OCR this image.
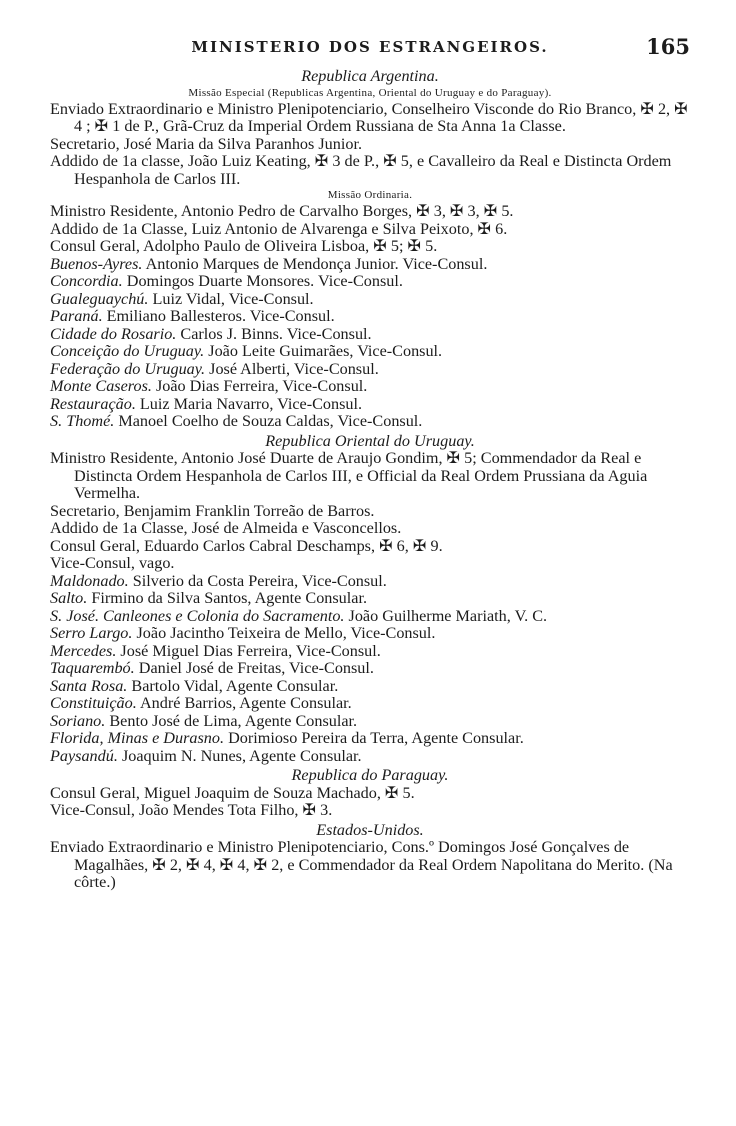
MINISTERIO DOS ESTRANGEIROS.	165

Republica Argentina.

Missão Especial (Republicas Argentina, Oriental do Uruguay e do Paraguay).

Enviado Extraordinario e Ministro Plenipotenciario, Conselheiro Visconde do Rio Branco, ✠ 2, ✠ 4 ; ✠ 1 de P., Grã-Cruz da Imperial Ordem Russiana de Sta Anna 1a Classe.

Secretario, José Maria da Silva Paranhos Junior.

Addido de 1a classe, João Luiz Keating, ✠ 3 de P., ✠ 5, e Cavalleiro da Real e Distincta Ordem Hespanhola de Carlos III.

Missão Ordinaria.

Ministro Residente, Antonio Pedro de Carvalho Borges, ✠ 3, ✠ 3, ✠ 5.

Addido de 1a Classe, Luiz Antonio de Alvarenga e Silva Peixoto, ✠ 6.

Consul Geral, Adolpho Paulo de Oliveira Lisboa, ✠ 5; ✠ 5.

Buenos-Ayres. Antonio Marques de Mendonça Junior. Vice-Consul.

Concordia. Domingos Duarte Monsores. Vice-Consul.

Gualeguaychú. Luiz Vidal, Vice-Consul.

Paraná. Emiliano Ballesteros. Vice-Consul.

Cidade do Rosario. Carlos J. Binns. Vice-Consul.

Conceição do Uruguay. João Leite Guimarães, Vice-Consul.

Federação do Uruguay. José Alberti, Vice-Consul.

Monte Caseros. João Dias Ferreira, Vice-Consul.

Restauração. Luiz Maria Navarro, Vice-Consul.

S. Thomé. Manoel Coelho de Souza Caldas, Vice-Consul.

Republica Oriental do Uruguay.

Ministro Residente, Antonio José Duarte de Araujo Gondim, ✠ 5; Commendador da Real e Distincta Ordem Hespanhola de Carlos III, e Official da Real Ordem Prussiana da Aguia Vermelha.

Secretario, Benjamim Franklin Torreão de Barros.

Addido de 1a Classe, José de Almeida e Vasconcellos.

Consul Geral, Eduardo Carlos Cabral Deschamps, ✠ 6, ✠ 9.

Vice-Consul, vago.

Maldonado. Silverio da Costa Pereira, Vice-Consul.

Salto. Firmino da Silva Santos, Agente Consular.

S. José. Canleones e Colonia do Sacramento. João Guilherme Mariath, V. C.

Serro Largo. João Jacintho Teixeira de Mello, Vice-Consul.

Mercedes. José Miguel Dias Ferreira, Vice-Consul.

Taquarembó. Daniel José de Freitas, Vice-Consul.

Santa Rosa. Bartolo Vidal, Agente Consular.

Constituição. André Barrios, Agente Consular.

Soriano. Bento José de Lima, Agente Consular.

Florida, Minas e Durasno. Dorimioso Pereira da Terra, Agente Consular.

Paysandú. Joaquim N. Nunes, Agente Consular.

Republica do Paraguay.

Consul Geral, Miguel Joaquim de Souza Machado, ✠ 5.

Vice-Consul, João Mendes Tota Filho, ✠ 3.

Estados-Unidos.

Enviado Extraordinario e Ministro Plenipotenciario, Cons.º Domingos José Gonçalves de Magalhães, ✠ 2, ✠ 4, ✠ 4, ✠ 2, e Commendador da Real Ordem Napolitana do Merito. (Na côrte.)
